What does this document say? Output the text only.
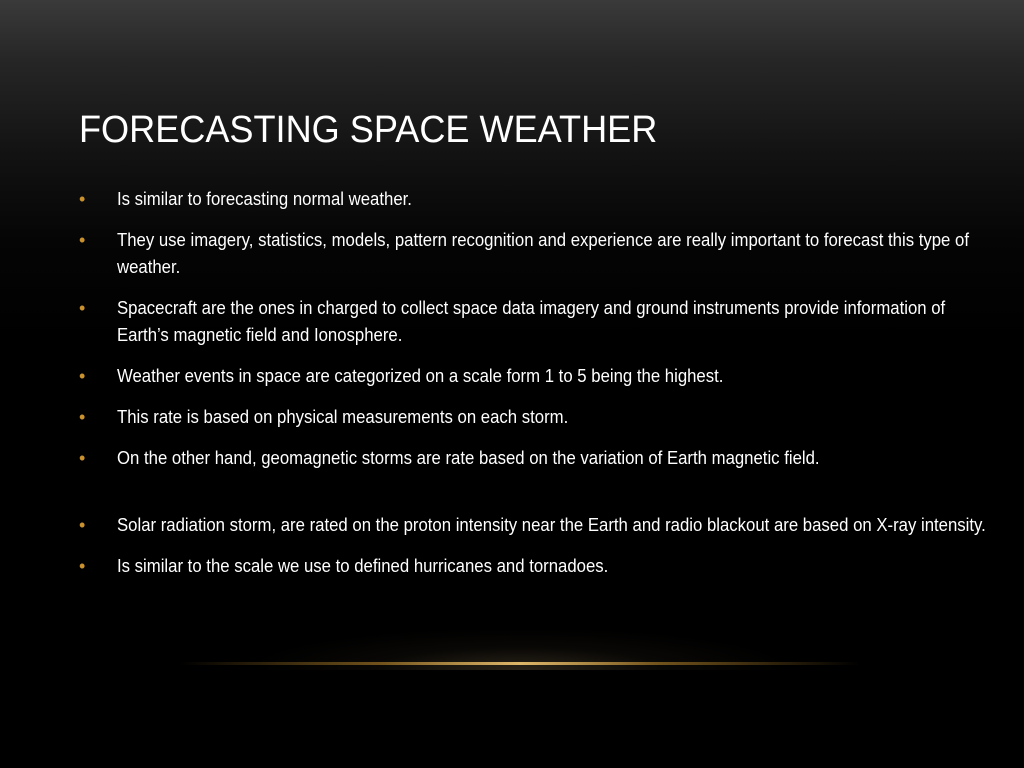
FORECASTING SPACE WEATHER
•	Is similar to forecasting normal weather.
•	They use imagery, statistics, models, pattern recognition and experience are really important to forecast this type of weather.
•	Spacecraft are the ones in charged to collect space data imagery and ground instruments provide information of Earth’s magnetic field and Ionosphere.
•	Weather events in space are categorized on a scale form 1 to 5 being the highest.
•	This rate is based on physical measurements on each storm.
•	On the other hand, geomagnetic storms are rate based on the variation of Earth magnetic field.
•	Solar radiation storm, are rated on the proton intensity near the Earth and radio blackout are based on X-ray intensity.
•	Is similar to the scale we use to defined hurricanes and tornadoes.
